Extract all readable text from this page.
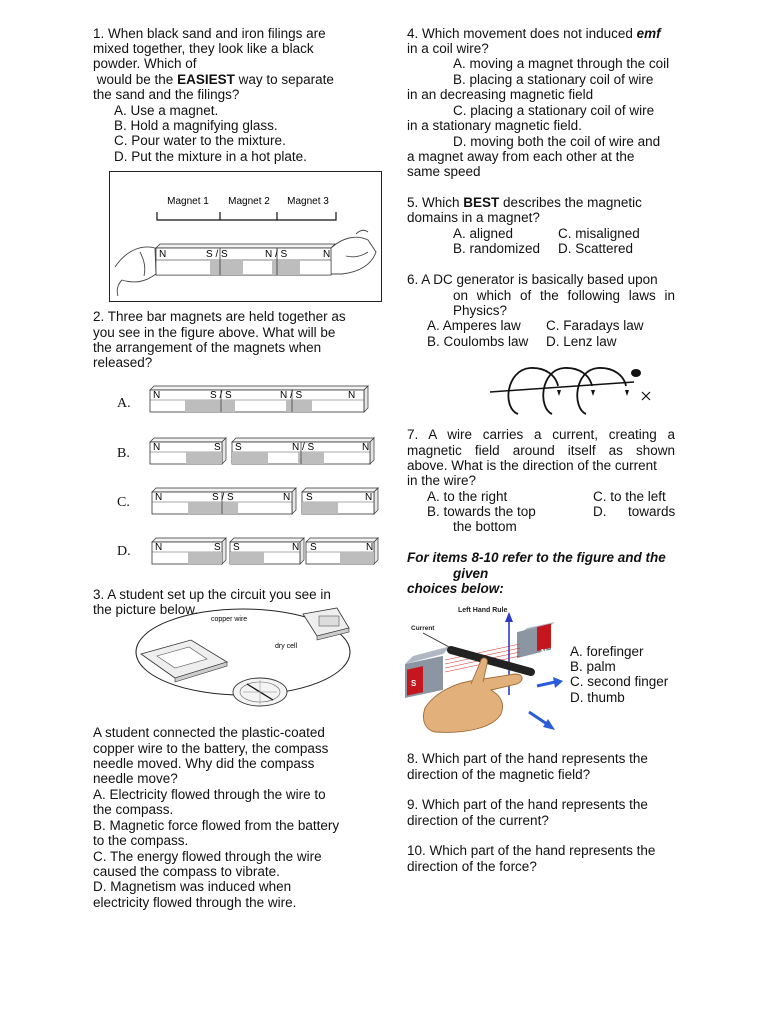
1. When black sand and iron filings are
mixed together, they look like a black
powder. Which of
would be the EASIEST way to separate
the sand and the filings?
A. Use a magnet.
B. Hold a magnifying glass.
C. Pour water to the mixture.
D. Put the mixture in a hot plate.
Magnet 1 Magnet 2 Magnet 3
N	S / S	N / S	N
2. Three bar magnets are held together as
you see in the figure above. What will be
the arrangement of the magnets when
released?
A.
B.
C.
D.
N	S / S	N / S	N
N	S S	N / S	N
N	S / S	N S	N
N	S S	N S	N
3. A student set up the circuit you see in
the picture below.
copper wire
dry cell
A student connected the plastic-coated
copper wire to the battery, the compass
needle moved. Why did the compass
needle move?
A. Electricity flowed through the wire to
the compass.
B. Magnetic force flowed from the battery
to the compass.
C. The energy flowed through the wire
caused the compass to vibrate.
D. Magnetism was induced when
electricity flowed through the wire.
4. Which movement does not induced emf
in a coil wire?
A. moving a magnet through the coil
B. placing a stationary coil of wire
in an decreasing magnetic field
C. placing a stationary coil of wire
in a stationary magnetic field.
D. moving both the coil of wire and
a magnet away from each other at the
same speed
5. Which BEST describes the magnetic
domains in a magnet?
A. aligned	C. misaligned
B. randomized D. Scattered
6. A DC generator is basically based upon
on which of the following laws in
Physics?
A. Amperes law C. Faradays law
B. Coulombs law D. Lenz law
7. A wire carries a current, creating a
magnetic field around itself as shown
above. What is the direction of the current
in the wire?
A. to the right	C. to the left
B. towards the top	D. towards
the bottom
For items 8-10 refer to the figure and the
given
choices below:
Left Hand Rule
Current
S
N A. forefinger
B. palm
C. second finger
D. thumb
8. Which part of the hand represents the
direction of the magnetic field?
9. Which part of the hand represents the
direction of the current?
10. Which part of the hand represents the
direction of the force?
